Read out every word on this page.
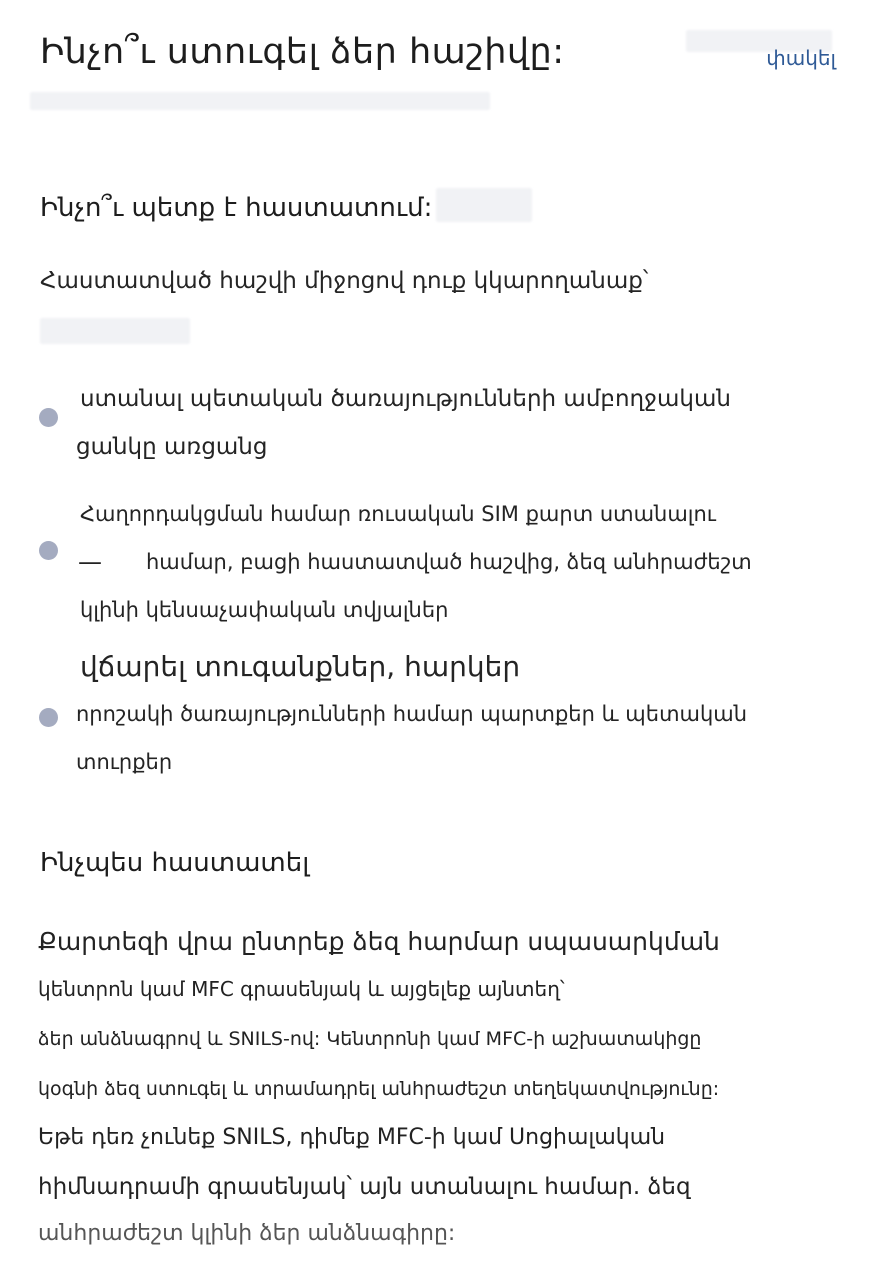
Ինչո՞ւ ստուգել ձեր հաշիվը:	փակել
Ինչո՞ւ պետք է հաստատում:
Հաստատված հաշվի միջոցով դուք կկարողանաք՝
ստանալ պետական ծառայությունների ամբողջական
ցանկը առցանց
—
Հաղորդակցման համար ռուսական SIM քարտ ստանալու
համար, բացի հաստատված հաշվից, ձեզ անհրաժեշտ
կլինի կենսաչափական տվյալներ
վճարել տուգանքներ, հարկեր
որոշակի ծառայությունների համար պարտքեր և պետական
տուրքեր
Ինչպես հաստատել
Քարտեզի վրա ընտրեք ձեզ հարմար սպասարկման
կենտրոն կամ MFC գրասենյակ և այցելեք այնտեղ՝
ձեր անձնագրով և SNILS-ով: Կենտրոնի կամ MFC-ի աշխատակիցը
կօգնի ձեզ ստուգել և տրամադրել անհրաժեշտ տեղեկատվությունը:
Եթե դեռ չունեք SNILS, դիմեք MFC-ի կամ Սոցիալական
հիմնադրամի գրասենյակ՝ այն ստանալու համար. ձեզ
անհրաժեշտ կլինի ձեր անձնագիրը:
